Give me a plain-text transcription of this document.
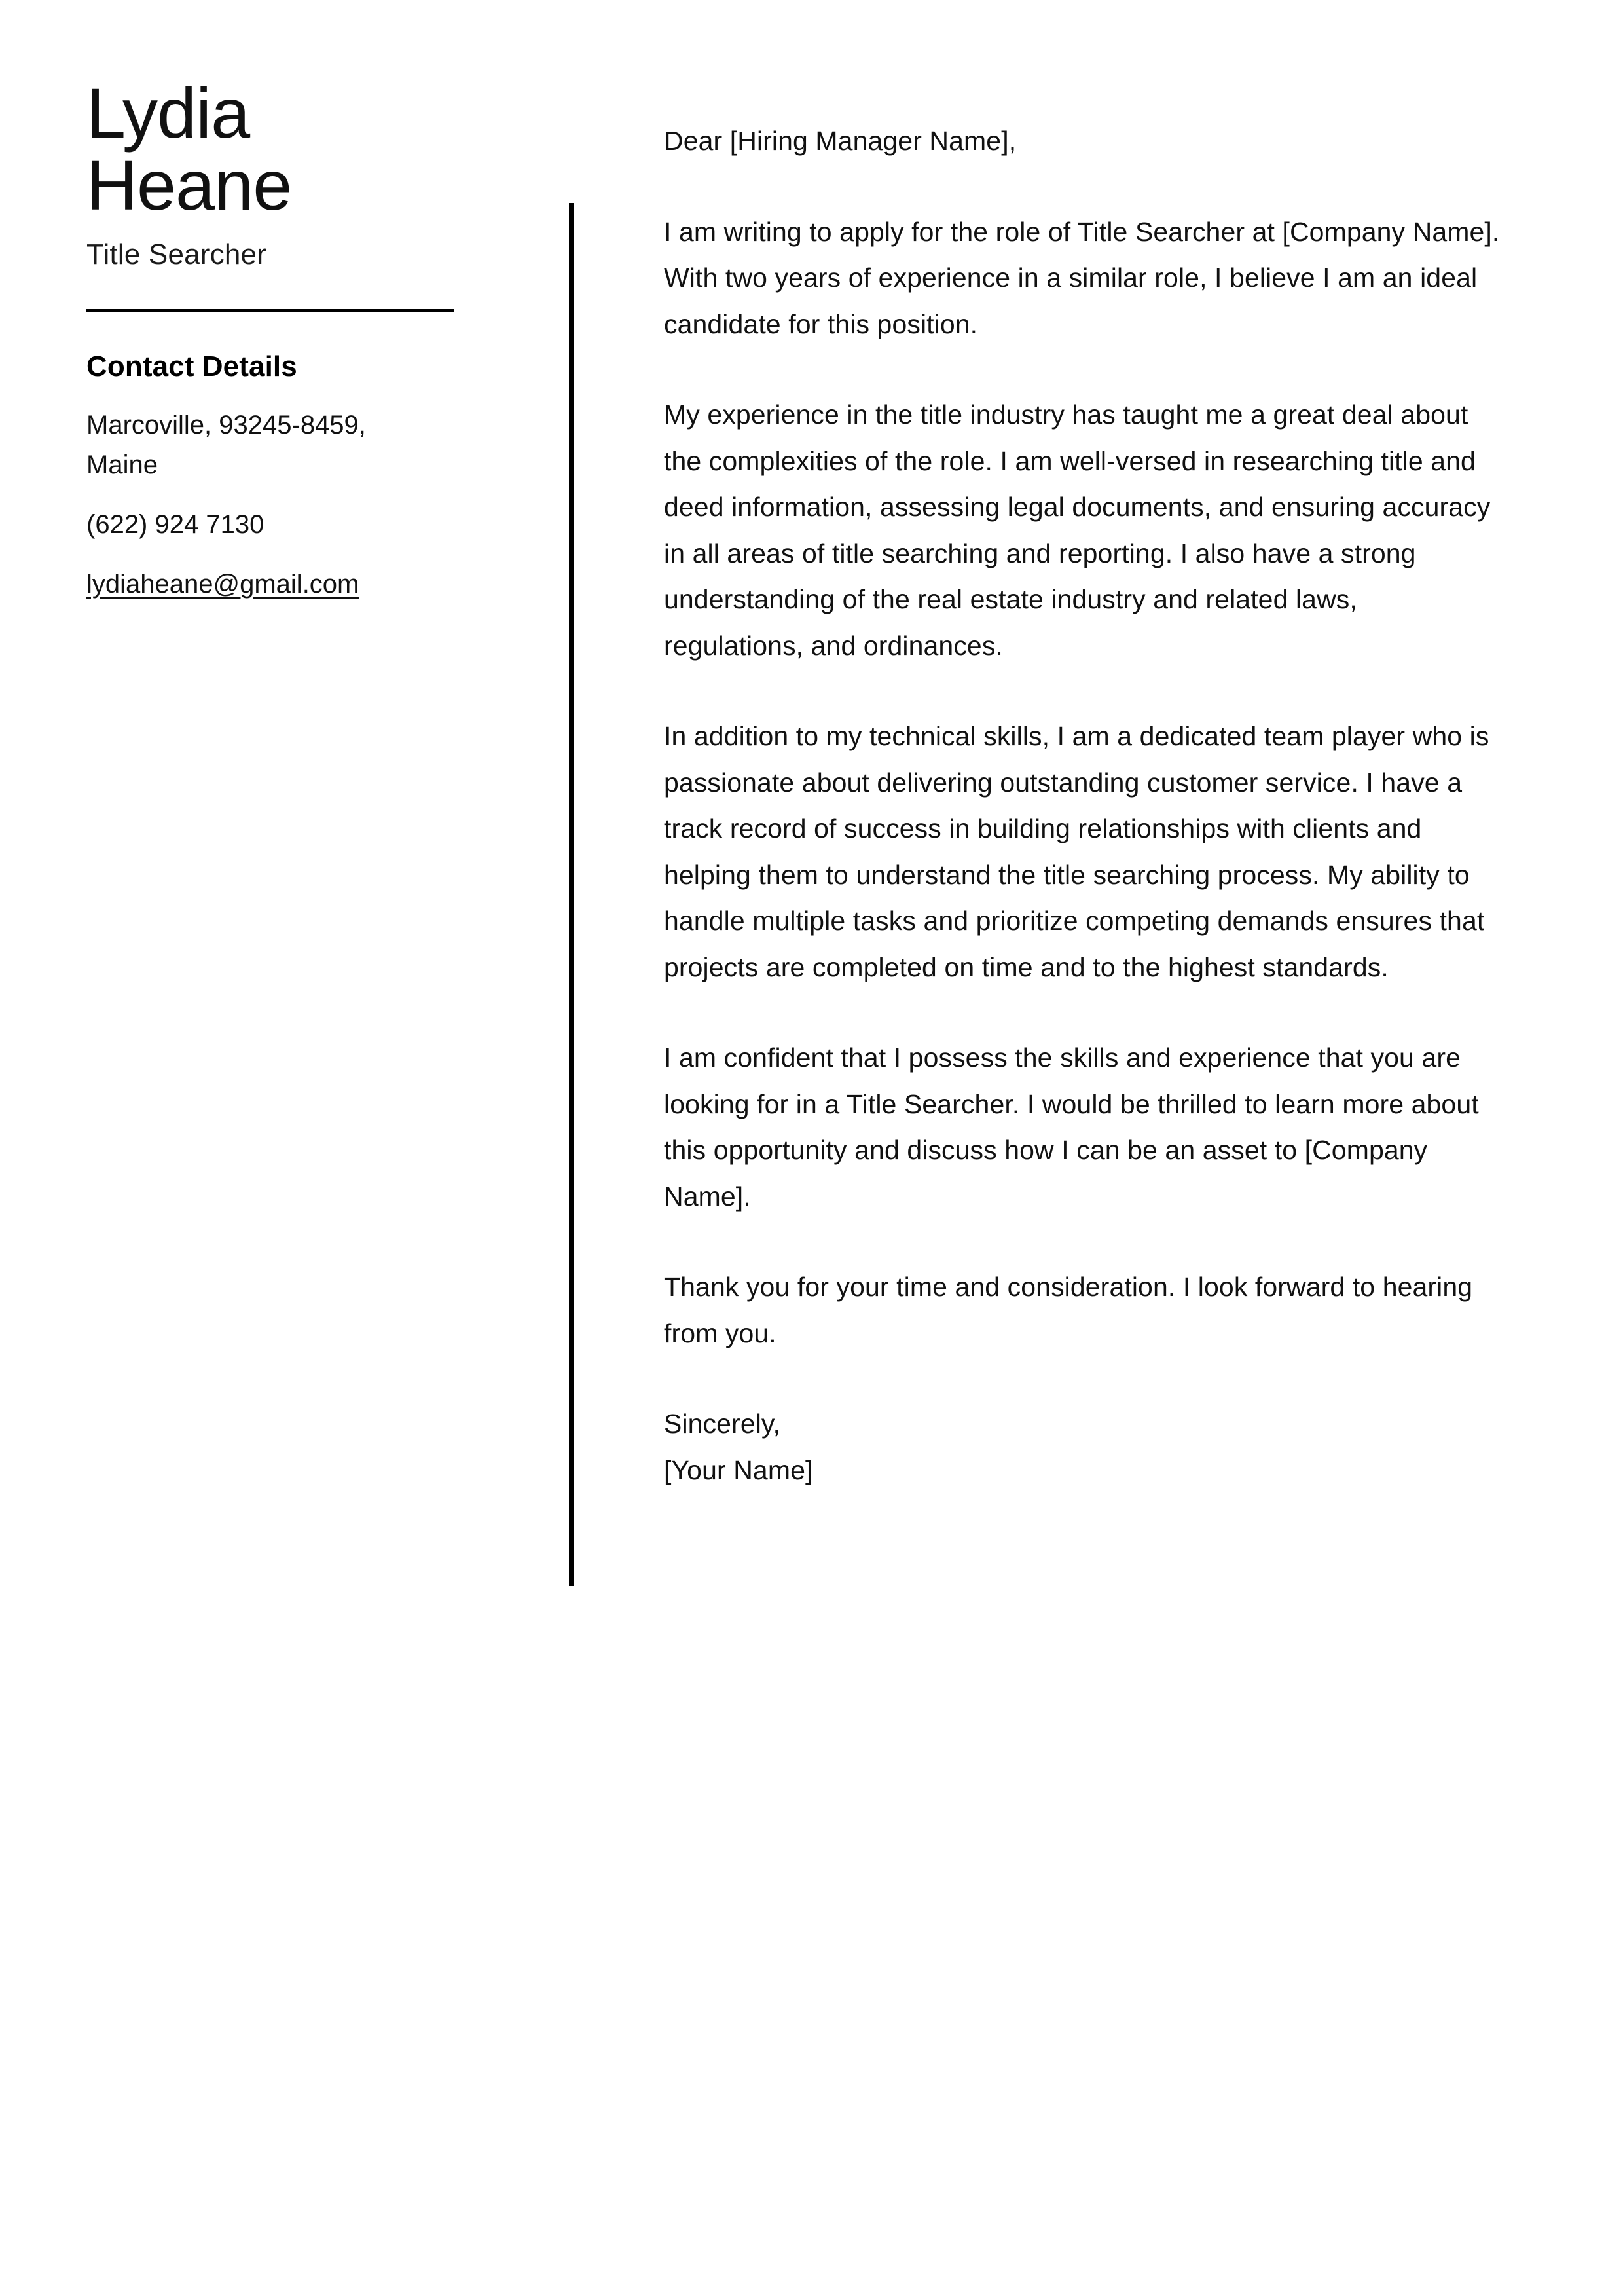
Lydia
Heane
Title Searcher
Contact Details
Marcoville, 93245-8459, Maine
(622) 924 7130
lydiaheane@gmail.com

Dear [Hiring Manager Name],

I am writing to apply for the role of Title Searcher at [Company Name]. With two years of experience in a similar role, I believe I am an ideal candidate for this position.

My experience in the title industry has taught me a great deal about the complexities of the role. I am well-versed in researching title and deed information, assessing legal documents, and ensuring accuracy in all areas of title searching and reporting. I also have a strong understanding of the real estate industry and related laws, regulations, and ordinances.

In addition to my technical skills, I am a dedicated team player who is passionate about delivering outstanding customer service. I have a track record of success in building relationships with clients and helping them to understand the title searching process. My ability to handle multiple tasks and prioritize competing demands ensures that projects are completed on time and to the highest standards.

I am confident that I possess the skills and experience that you are looking for in a Title Searcher. I would be thrilled to learn more about this opportunity and discuss how I can be an asset to [Company Name].

Thank you for your time and consideration. I look forward to hearing from you.

Sincerely,
[Your Name]
